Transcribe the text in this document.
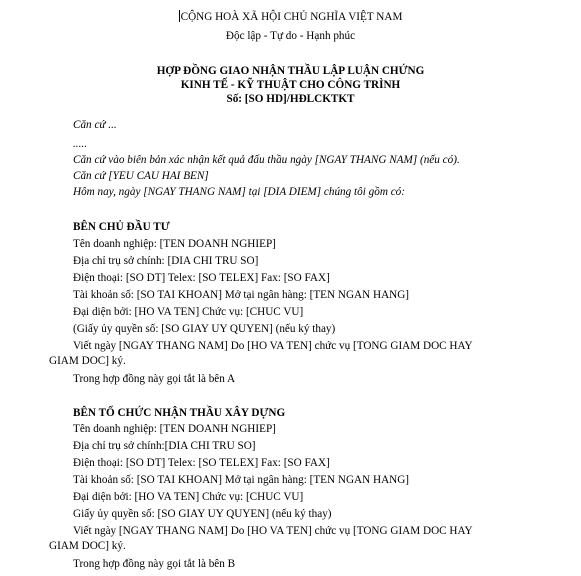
CỘNG HOÀ XÃ HỘI CHỦ NGHĨA VIỆT NAM
Độc lập - Tự do - Hạnh phúc
HỢP ĐỒNG GIAO NHẬN THẦU LẬP LUẬN CHỨNG
KINH TẾ - KỸ THUẬT CHO CÔNG TRÌNH
Số: [SO HD]/HĐLCKTKT
Căn cứ ...
.....
Căn cứ vào biên bản xác nhận kết quả đấu thầu ngày [NGAY THANG NAM] (nếu có).
Căn cứ [YEU CAU HAI BEN]
Hôm nay, ngày [NGAY THANG NAM] tại [DIA DIEM] chúng tôi gồm có:
BÊN CHỦ ĐẦU TƯ
Tên doanh nghiệp: [TEN DOANH NGHIEP]
Địa chỉ trụ sở chính: [DIA CHI TRU SO]
Điện thoại: [SO DT] Telex: [SO TELEX] Fax: [SO FAX]
Tài khoản số: [SO TAI KHOAN] Mở tại ngân hàng: [TEN NGAN HANG]
Đại diện bởi: [HO VA TEN] Chức vụ: [CHUC VU]
(Giấy ủy quyền số: [SO GIAY UY QUYEN] (nếu ký thay)
Viết ngày [NGAY THANG NAM] Do [HO VA TEN] chức vụ [TONG GIAM DOC HAY
GIAM DOC] ký.
Trong hợp đồng này gọi tắt là bên A
BÊN TỔ CHỨC NHẬN THẦU XÂY DỰNG
Tên doanh nghiệp: [TEN DOANH NGHIEP]
Địa chỉ trụ sở chính:[DIA CHI TRU SO]
Điện thoại: [SO DT] Telex: [SO TELEX] Fax: [SO FAX]
Tài khoản số: [SO TAI KHOAN] Mở tại ngân hàng: [TEN NGAN HANG]
Đại diện bởi: [HO VA TEN] Chức vụ: [CHUC VU]
Giấy ủy quyền số: [SO GIAY UY QUYEN] (nếu ký thay)
Viết ngày [NGAY THANG NAM] Do [HO VA TEN] chức vụ [TONG GIAM DOC HAY
GIAM DOC] ký.
Trong hợp đồng này gọi tắt là bên B
